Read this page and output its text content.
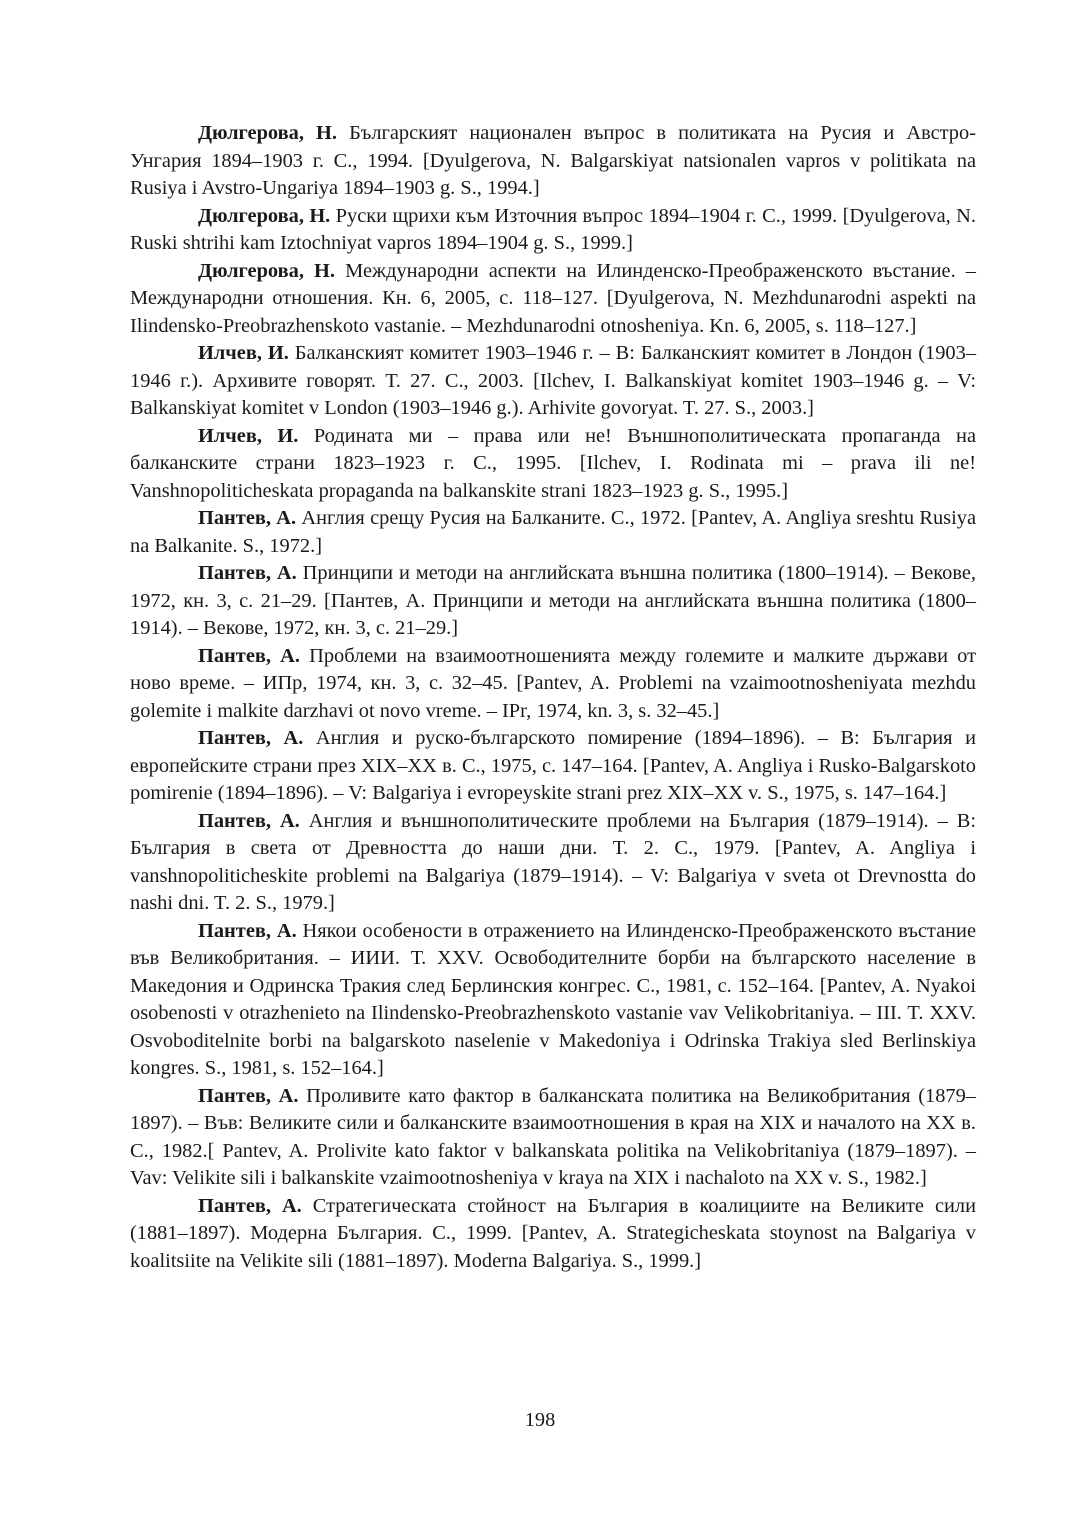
Дюлгерова, Н. Българският национален въпрос в политиката на Русия и Австро-Унгария 1894–1903 г. С., 1994. [Dyulgerova, N. Balgarskiyat natsionalen vapros v politikata na Rusiya i Avstro-Ungariya 1894–1903 g. S., 1994.]

Дюлгерова, Н. Руски щрихи към Източния въпрос 1894–1904 г. С., 1999. [Dyulgerova, N. Ruski shtrihi kam Iztochniyat vapros 1894–1904 g. S., 1999.]

Дюлгерова, Н. Международни аспекти на Илинденско-Преображенското въстание. – Международни отношения. Кн. 6, 2005, с. 118–127. [Dyulgerova, N. Mezhdunarodni aspekti na Ilindensko-Preobrazhenskoto vastanie. – Mezhdunarodni otnosheniya. Kn. 6, 2005, s. 118–127.]

Илчев, И. Балканският комитет 1903–1946 г. – В: Балканският комитет в Лондон (1903–1946 г.). Архивите говорят. Т. 27. С., 2003. [Ilchev, I. Balkanskiyat komitet 1903–1946 g. – V: Balkanskiyat komitet v London (1903–1946 g.). Arhivite govoryat. T. 27. S., 2003.]

Илчев, И. Родината ми – права или не! Външнополитическата пропаганда на балканските страни 1823–1923 г. С., 1995. [Ilchev, I. Rodinata mi – prava ili ne! Vanshnopoliticheskata propaganda na balkanskite strani 1823–1923 g. S., 1995.]

Пантев, А. Англия срещу Русия на Балканите. С., 1972. [Pantev, A. Angliya sreshtu Rusiya na Balkanite. S., 1972.]

Пантев, А. Принципи и методи на английската външна политика (1800–1914). – Векове, 1972, кн. 3, с. 21–29. [Пантев, А. Принципи и методи на английската външна политика (1800–1914). – Векове, 1972, кн. 3, с. 21–29.]

Пантев, А. Проблеми на взаимоотношенията между големите и малките държави от ново време. – ИПр, 1974, кн. 3, с. 32–45. [Pantev, A. Problemi na vzaimootnosheniyata mezhdu golemite i malkite darzhavi ot novo vreme. – IPr, 1974, kn. 3, s. 32–45.]

Пантев, А. Англия и руско-българското помирение (1894–1896). – В: България и европейските страни през XIX–XX в. С., 1975, с. 147–164. [Pantev, A. Angliya i Rusko-Balgarskoto pomirenie (1894–1896). – V: Balgariya i evropeyskite strani prez XIX–XX v. S., 1975, s. 147–164.]

Пантев, А. Англия и външнополитическите проблеми на България (1879–1914). – В: България в света от Древността до наши дни. Т. 2. С., 1979. [Pantev, A. Angliya i vanshnopoliticheskite problemi na Balgariya (1879–1914). – V: Balgariya v sveta ot Drevnostta do nashi dni. T. 2. S., 1979.]

Пантев, А. Някои особености в отражението на Илинденско-Преображенското въстание във Великобритания. – ИИИ. Т. XXV. Освободителните борби на българското население в Македония и Одринска Тракия след Берлинския конгрес. С., 1981, с. 152–164. [Pantev, A. Nyakoi osobenosti v otrazhenieto na Ilindensko-Preobrazhenskoto vastanie vav Velikobritaniya. – III. T. XXV. Osvoboditelnite borbi na balgarskoto naselenie v Makedoniya i Odrinska Trakiya sled Berlinskiya kongres. S., 1981, s. 152–164.]

Пантев, А. Проливите като фактор в балканската политика на Великобритания (1879–1897). – Във: Великите сили и балканските взаимоотношения в края на XIX и началото на XX в. С., 1982.[ Pantev, A. Prolivite kato faktor v balkanskata politika na Velikobritaniya (1879–1897). – Vav: Velikite sili i balkanskite vzaimootnosheniya v kraya na XIX i nachaloto na XX v. S., 1982.]

Пантев, А. Стратегическата стойност на България в коалициите на Великите сили (1881–1897). Модерна България. С., 1999. [Pantev, A. Strategicheskata stoynost na Balgariya v koalitsiite na Velikite sili (1881–1897). Moderna Balgariya. S., 1999.]

198
